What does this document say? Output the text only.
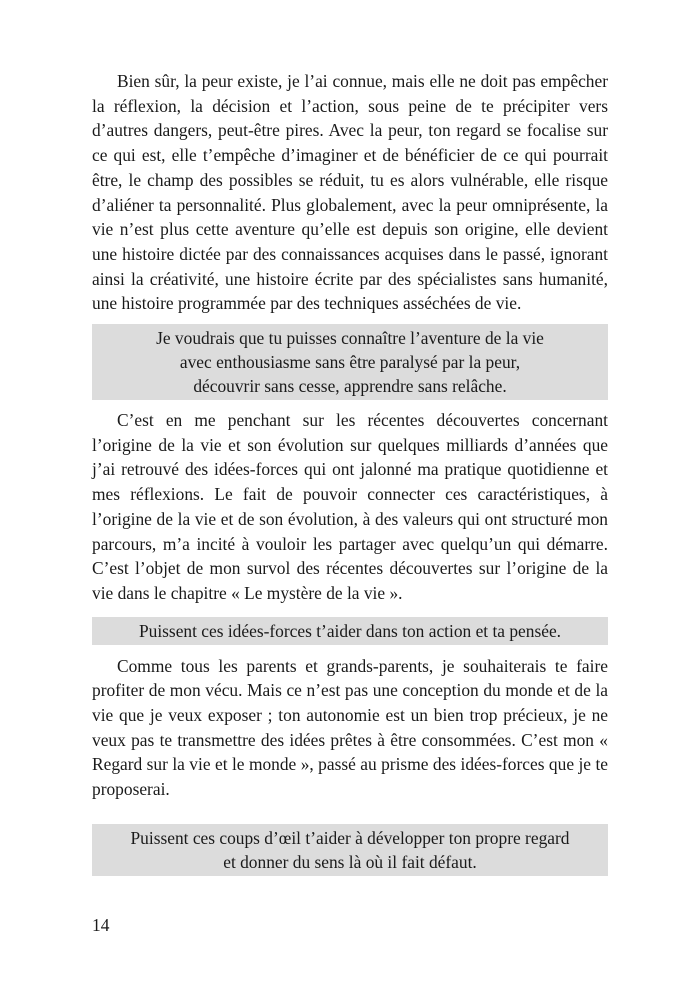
Bien sûr, la peur existe, je l’ai connue, mais elle ne doit pas empêcher la réflexion, la décision et l’action, sous peine de te précipiter vers d’autres dangers, peut-être pires. Avec la peur, ton regard se focalise sur ce qui est, elle t’empêche d’imaginer et de bénéficier de ce qui pourrait être, le champ des possibles se réduit, tu es alors vulnérable, elle risque d’aliéner ta personnalité. Plus globalement, avec la peur omniprésente, la vie n’est plus cette aventure qu’elle est depuis son origine, elle devient une histoire dictée par des connaissances acquises dans le passé, ignorant ainsi la créativité, une histoire écrite par des spécialistes sans humanité, une histoire programmée par des techniques asséchées de vie.

Je voudrais que tu puisses connaître l’aventure de la vie
avec enthousiasme sans être paralysé par la peur,
découvrir sans cesse, apprendre sans relâche.

C’est en me penchant sur les récentes découvertes concernant l’origine de la vie et son évolution sur quelques milliards d’années que j’ai retrouvé des idées-forces qui ont jalonné ma pratique quotidienne et mes réflexions. Le fait de pouvoir connecter ces caractéristiques, à l’origine de la vie et de son évolution, à des valeurs qui ont structuré mon parcours, m’a incité à vouloir les partager avec quelqu’un qui démarre. C’est l’objet de mon survol des récentes découvertes sur l’origine de la vie dans le chapitre « Le mystère de la vie ».

Puissent ces idées-forces t’aider dans ton action et ta pensée.

Comme tous les parents et grands-parents, je souhaiterais te faire profiter de mon vécu. Mais ce n’est pas une conception du monde et de la vie que je veux exposer ; ton autonomie est un bien trop précieux, je ne veux pas te transmettre des idées prêtes à être consommées. C’est mon « Regard sur la vie et le monde », passé au prisme des idées-forces que je te proposerai.

Puissent ces coups d’œil t’aider à développer ton propre regard
et donner du sens là où il fait défaut.
14
